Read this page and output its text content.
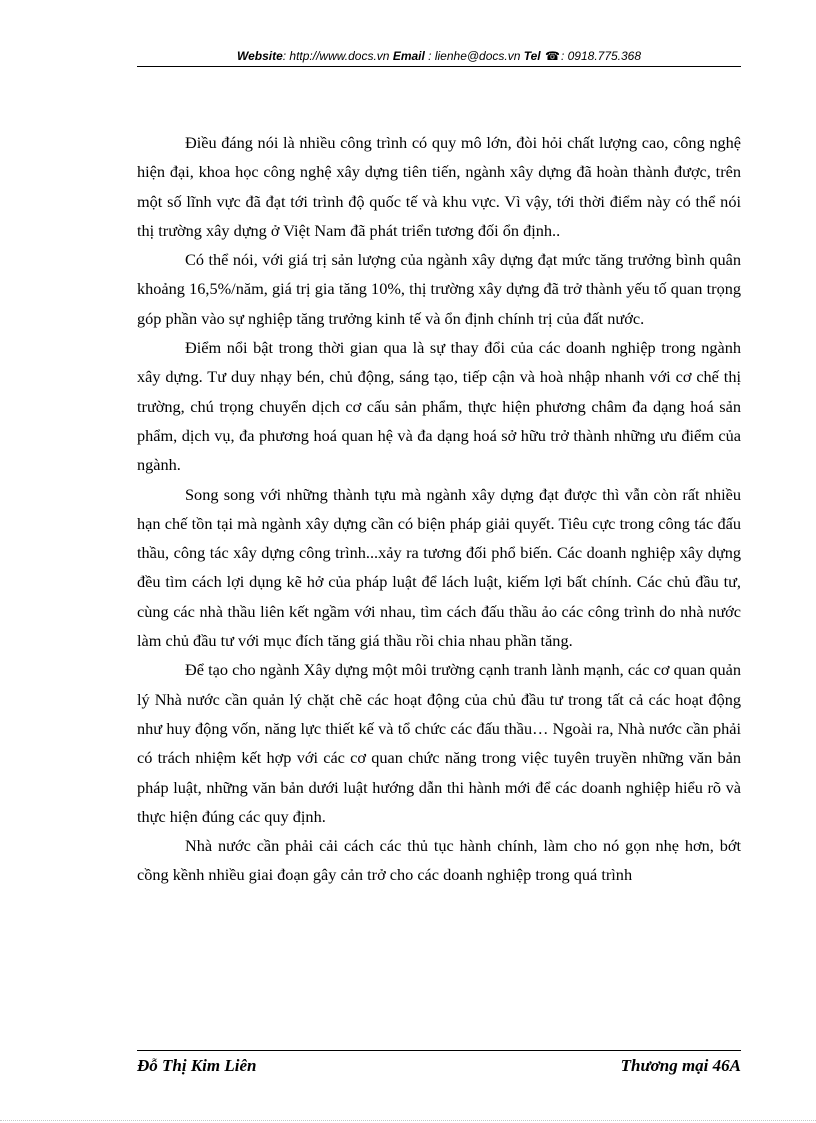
Website: http://www.docs.vn Email : lienhe@docs.vn Tel ☎: 0918.775.368

Điều đáng nói là nhiều công trình có quy mô lớn, đòi hỏi chất lượng cao, công nghệ hiện đại, khoa học công nghệ xây dựng tiên tiến, ngành xây dựng đã hoàn thành được, trên một số lĩnh vực đã đạt tới trình độ quốc tế và khu vực. Vì vậy, tới thời điểm này có thể nói thị trường xây dựng ở Việt Nam đã phát triển tương đối ổn định..

Có thể nói, với giá trị sản lượng của ngành xây dựng đạt mức tăng trưởng bình quân khoảng 16,5%/năm, giá trị gia tăng 10%, thị trường xây dựng đã trở thành yếu tố quan trọng góp phần vào sự nghiệp tăng trưởng kinh tế và ổn định chính trị của đất nước.

Điểm nổi bật trong thời gian qua là sự thay đổi của các doanh nghiệp trong ngành xây dựng. Tư duy nhạy bén, chủ động, sáng tạo, tiếp cận và hoà nhập nhanh với cơ chế thị trường, chú trọng chuyển dịch cơ cấu sản phẩm, thực hiện phương châm đa dạng hoá sản phẩm, dịch vụ, đa phương hoá quan hệ và đa dạng hoá sở hữu trở thành những ưu điểm của ngành.

Song song với những thành tựu mà ngành xây dựng đạt được thì vẫn còn rất nhiều hạn chế tồn tại mà ngành xây dựng cần có biện pháp giải quyết. Tiêu cực trong công tác đấu thầu, công tác xây dựng công trình...xảy ra tương đối phổ biến. Các doanh nghiệp xây dựng đều tìm cách lợi dụng kẽ hở của pháp luật để lách luật, kiếm lợi bất chính. Các chủ đầu tư, cùng các nhà thầu liên kết ngầm với nhau, tìm cách đấu thầu ảo các công trình do nhà nước làm chủ đầu tư với mục đích tăng giá thầu rồi chia nhau phần tăng.

Để tạo cho ngành Xây dựng một môi trường cạnh tranh lành mạnh, các cơ quan quản lý Nhà nước cần quản lý chặt chẽ các hoạt động của chủ đầu tư trong tất cả các hoạt động như huy động vốn, năng lực thiết kế và tổ chức các đấu thầu… Ngoài ra, Nhà nước cần phải có trách nhiệm kết hợp với các cơ quan chức năng trong việc tuyên truyền những văn bản pháp luật, những văn bản dưới luật hướng dẫn thi hành mới để các doanh nghiệp hiểu rõ và thực hiện đúng các quy định.

Nhà nước cần phải cải cách các thủ tục hành chính, làm cho nó gọn nhẹ hơn, bớt cồng kềnh nhiều giai đoạn gây cản trở cho các doanh nghiệp trong quá trình

Đỗ Thị Kim Liên	Thương mại 46A
